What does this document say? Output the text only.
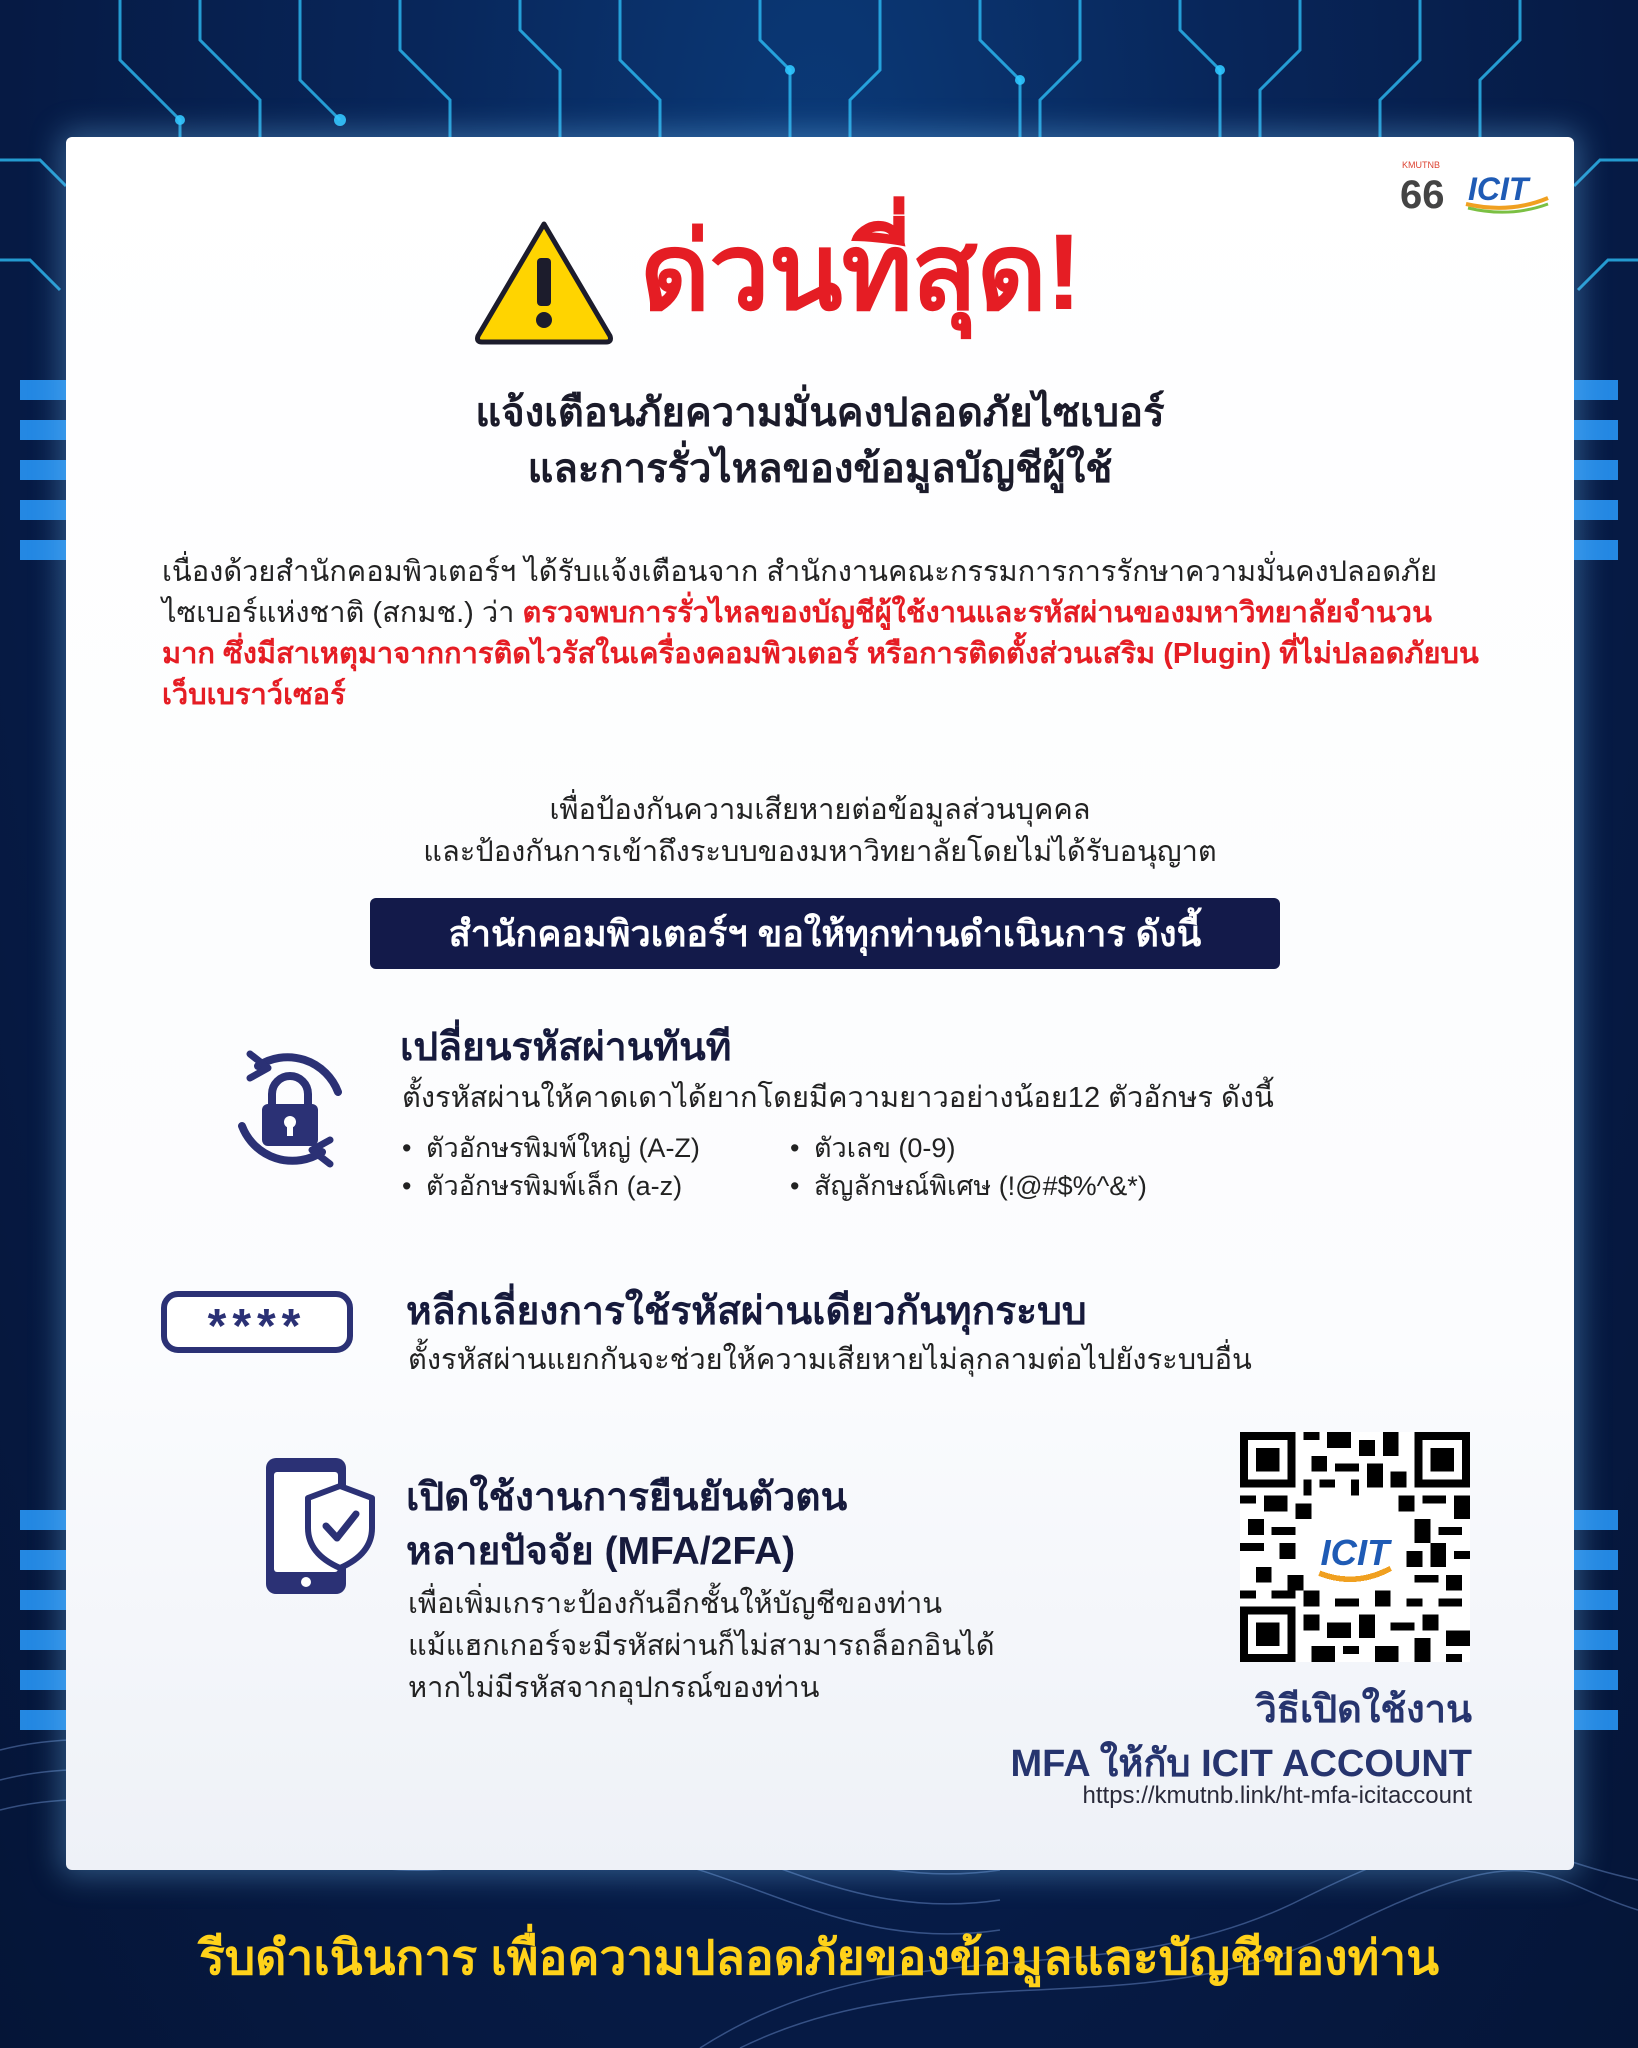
KMUTNB
66 ICIT
ด่วนที่สุด!
แจ้งเตือนภัยความมั่นคงปลอดภัยไซเบอร์
และการรั่วไหลของข้อมูลบัญชีผู้ใช้
เนื่องด้วยสำนักคอมพิวเตอร์ฯ ได้รับแจ้งเตือนจาก สำนักงานคณะกรรมการการรักษาความมั่นคงปลอดภัยไซเบอร์แห่งชาติ (สกมช.) ว่า ตรวจพบการรั่วไหลของบัญชีผู้ใช้งานและรหัสผ่านของมหาวิทยาลัยจำนวนมาก ซึ่งมีสาเหตุมาจากการติดไวรัสในเครื่องคอมพิวเตอร์ หรือการติดตั้งส่วนเสริม (Plugin) ที่ไม่ปลอดภัยบนเว็บเบราว์เซอร์
เพื่อป้องกันความเสียหายต่อข้อมูลส่วนบุคคล
และป้องกันการเข้าถึงระบบของมหาวิทยาลัยโดยไม่ได้รับอนุญาต
สำนักคอมพิวเตอร์ฯ ขอให้ทุกท่านดำเนินการ ดังนี้
เปลี่ยนรหัสผ่านทันที
ตั้งรหัสผ่านให้คาดเดาได้ยากโดยมีความยาวอย่างน้อย12 ตัวอักษร ดังนี้
• ตัวอักษรพิมพ์ใหญ่ (A-Z)
• ตัวอักษรพิมพ์เล็ก (a-z)
• ตัวเลข (0-9)
• สัญลักษณ์พิเศษ (!@#$%^&*)
****	หลีกเลี่ยงการใช้รหัสผ่านเดียวกันทุกระบบ
ตั้งรหัสผ่านแยกกันจะช่วยให้ความเสียหายไม่ลุกลามต่อไปยังระบบอื่น
เปิดใช้งานการยืนยันตัวตน
หลายปัจจัย (MFA/2FA)
เพื่อเพิ่มเกราะป้องกันอีกชั้นให้บัญชีของท่าน
แม้แฮกเกอร์จะมีรหัสผ่านก็ไม่สามารถล็อกอินได้
หากไม่มีรหัสจากอุปกรณ์ของท่าน
ICIT
วิธีเปิดใช้งาน
MFA ให้กับ ICIT ACCOUNT
https://kmutnb.link/ht-mfa-icitaccount
รีบดำเนินการ เพื่อความปลอดภัยของข้อมูลและบัญชีของท่าน
